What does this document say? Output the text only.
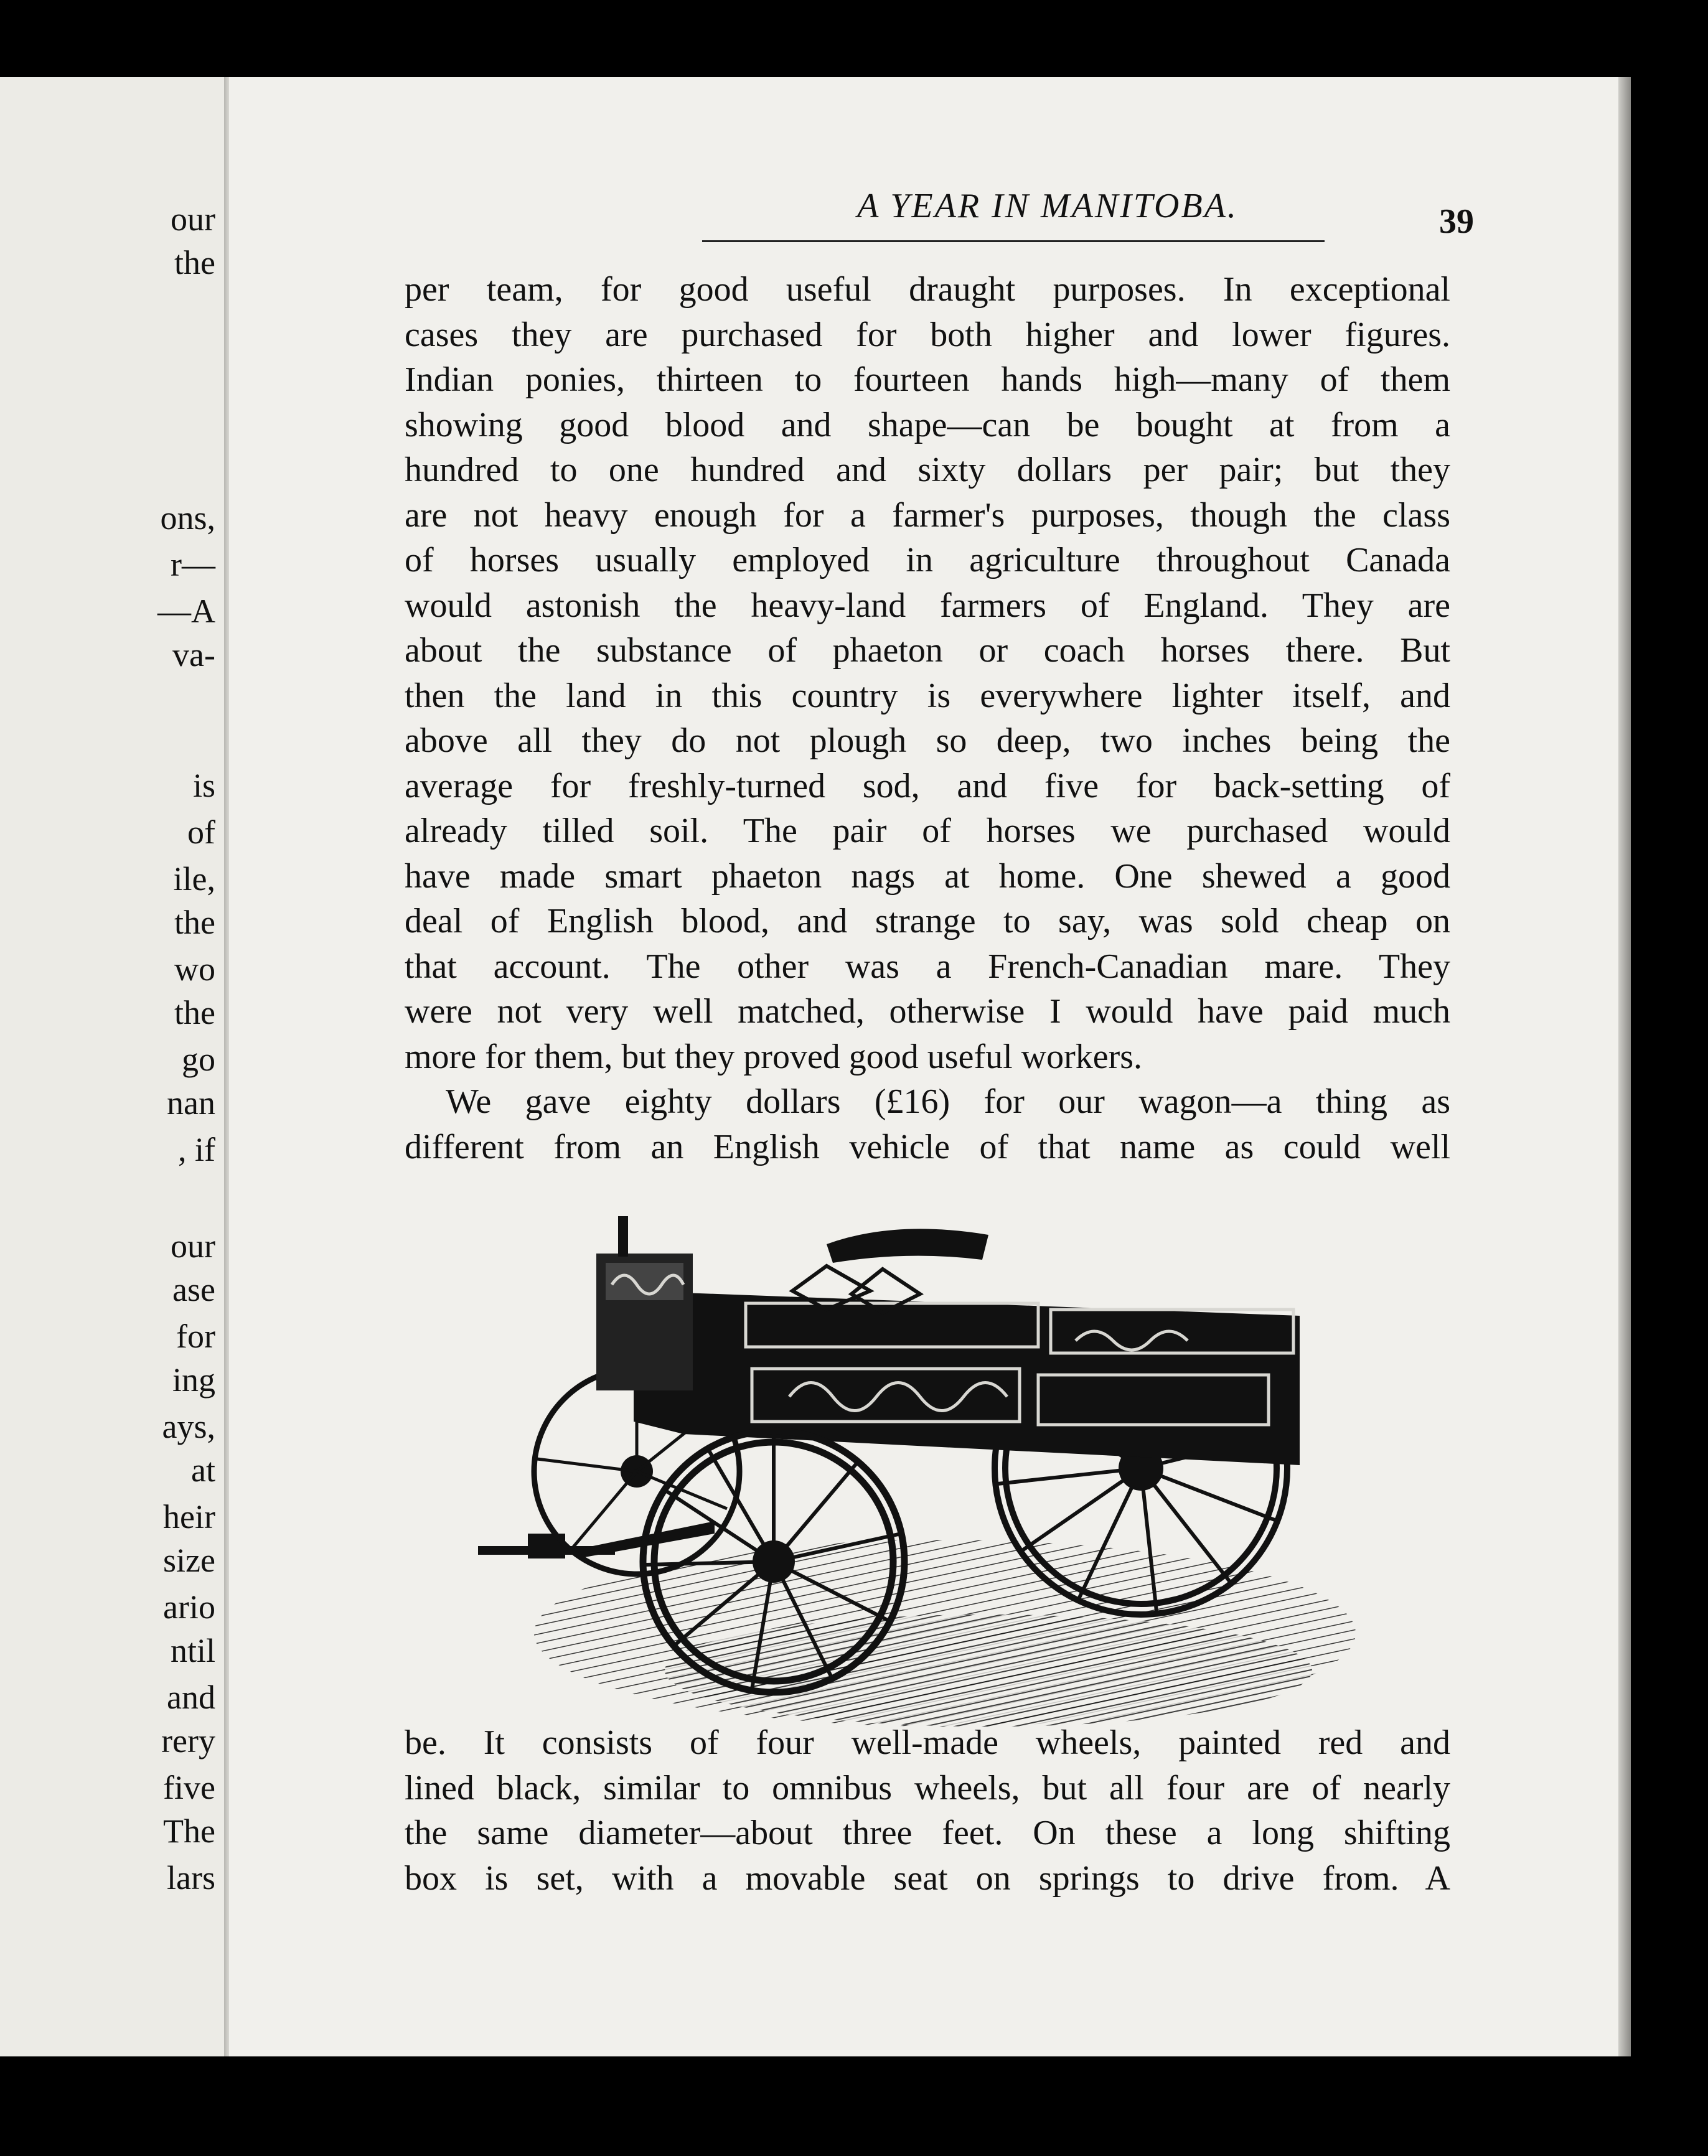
our
the
ons,
r—
—A
va-
is
of
ile,
the
wo
the
go
nan
, if
our
ase
for
ing
ays,
at
heir
size
ario
ntil
and
rery
five
The
lars
A YEAR IN MANITOBA.	39
per team, for good useful draught purposes. In exceptional
cases they are purchased for both higher and lower figures.
Indian ponies, thirteen to fourteen hands high—many of them
showing good blood and shape—can be bought at from a
hundred to one hundred and sixty dollars per pair; but they
are not heavy enough for a farmer's purposes, though the class
of horses usually employed in agriculture throughout Canada
would astonish the heavy-land farmers of England. They are
about the substance of phaeton or coach horses there. But
then the land in this country is everywhere lighter itself, and
above all they do not plough so deep, two inches being the
average for freshly-turned sod, and five for back-setting of
already tilled soil. The pair of horses we purchased would
have made smart phaeton nags at home. One shewed a good
deal of English blood, and strange to say, was sold cheap on
that account. The other was a French-Canadian mare. They
were not very well matched, otherwise I would have paid much
more for them, but they proved good useful workers.
We gave eighty dollars (£16) for our wagon—a thing as
different from an English vehicle of that name as could well
be. It consists of four well-made wheels, painted red and
lined black, similar to omnibus wheels, but all four are of nearly
the same diameter—about three feet. On these a long shifting
box is set, with a movable seat on springs to drive from. A
